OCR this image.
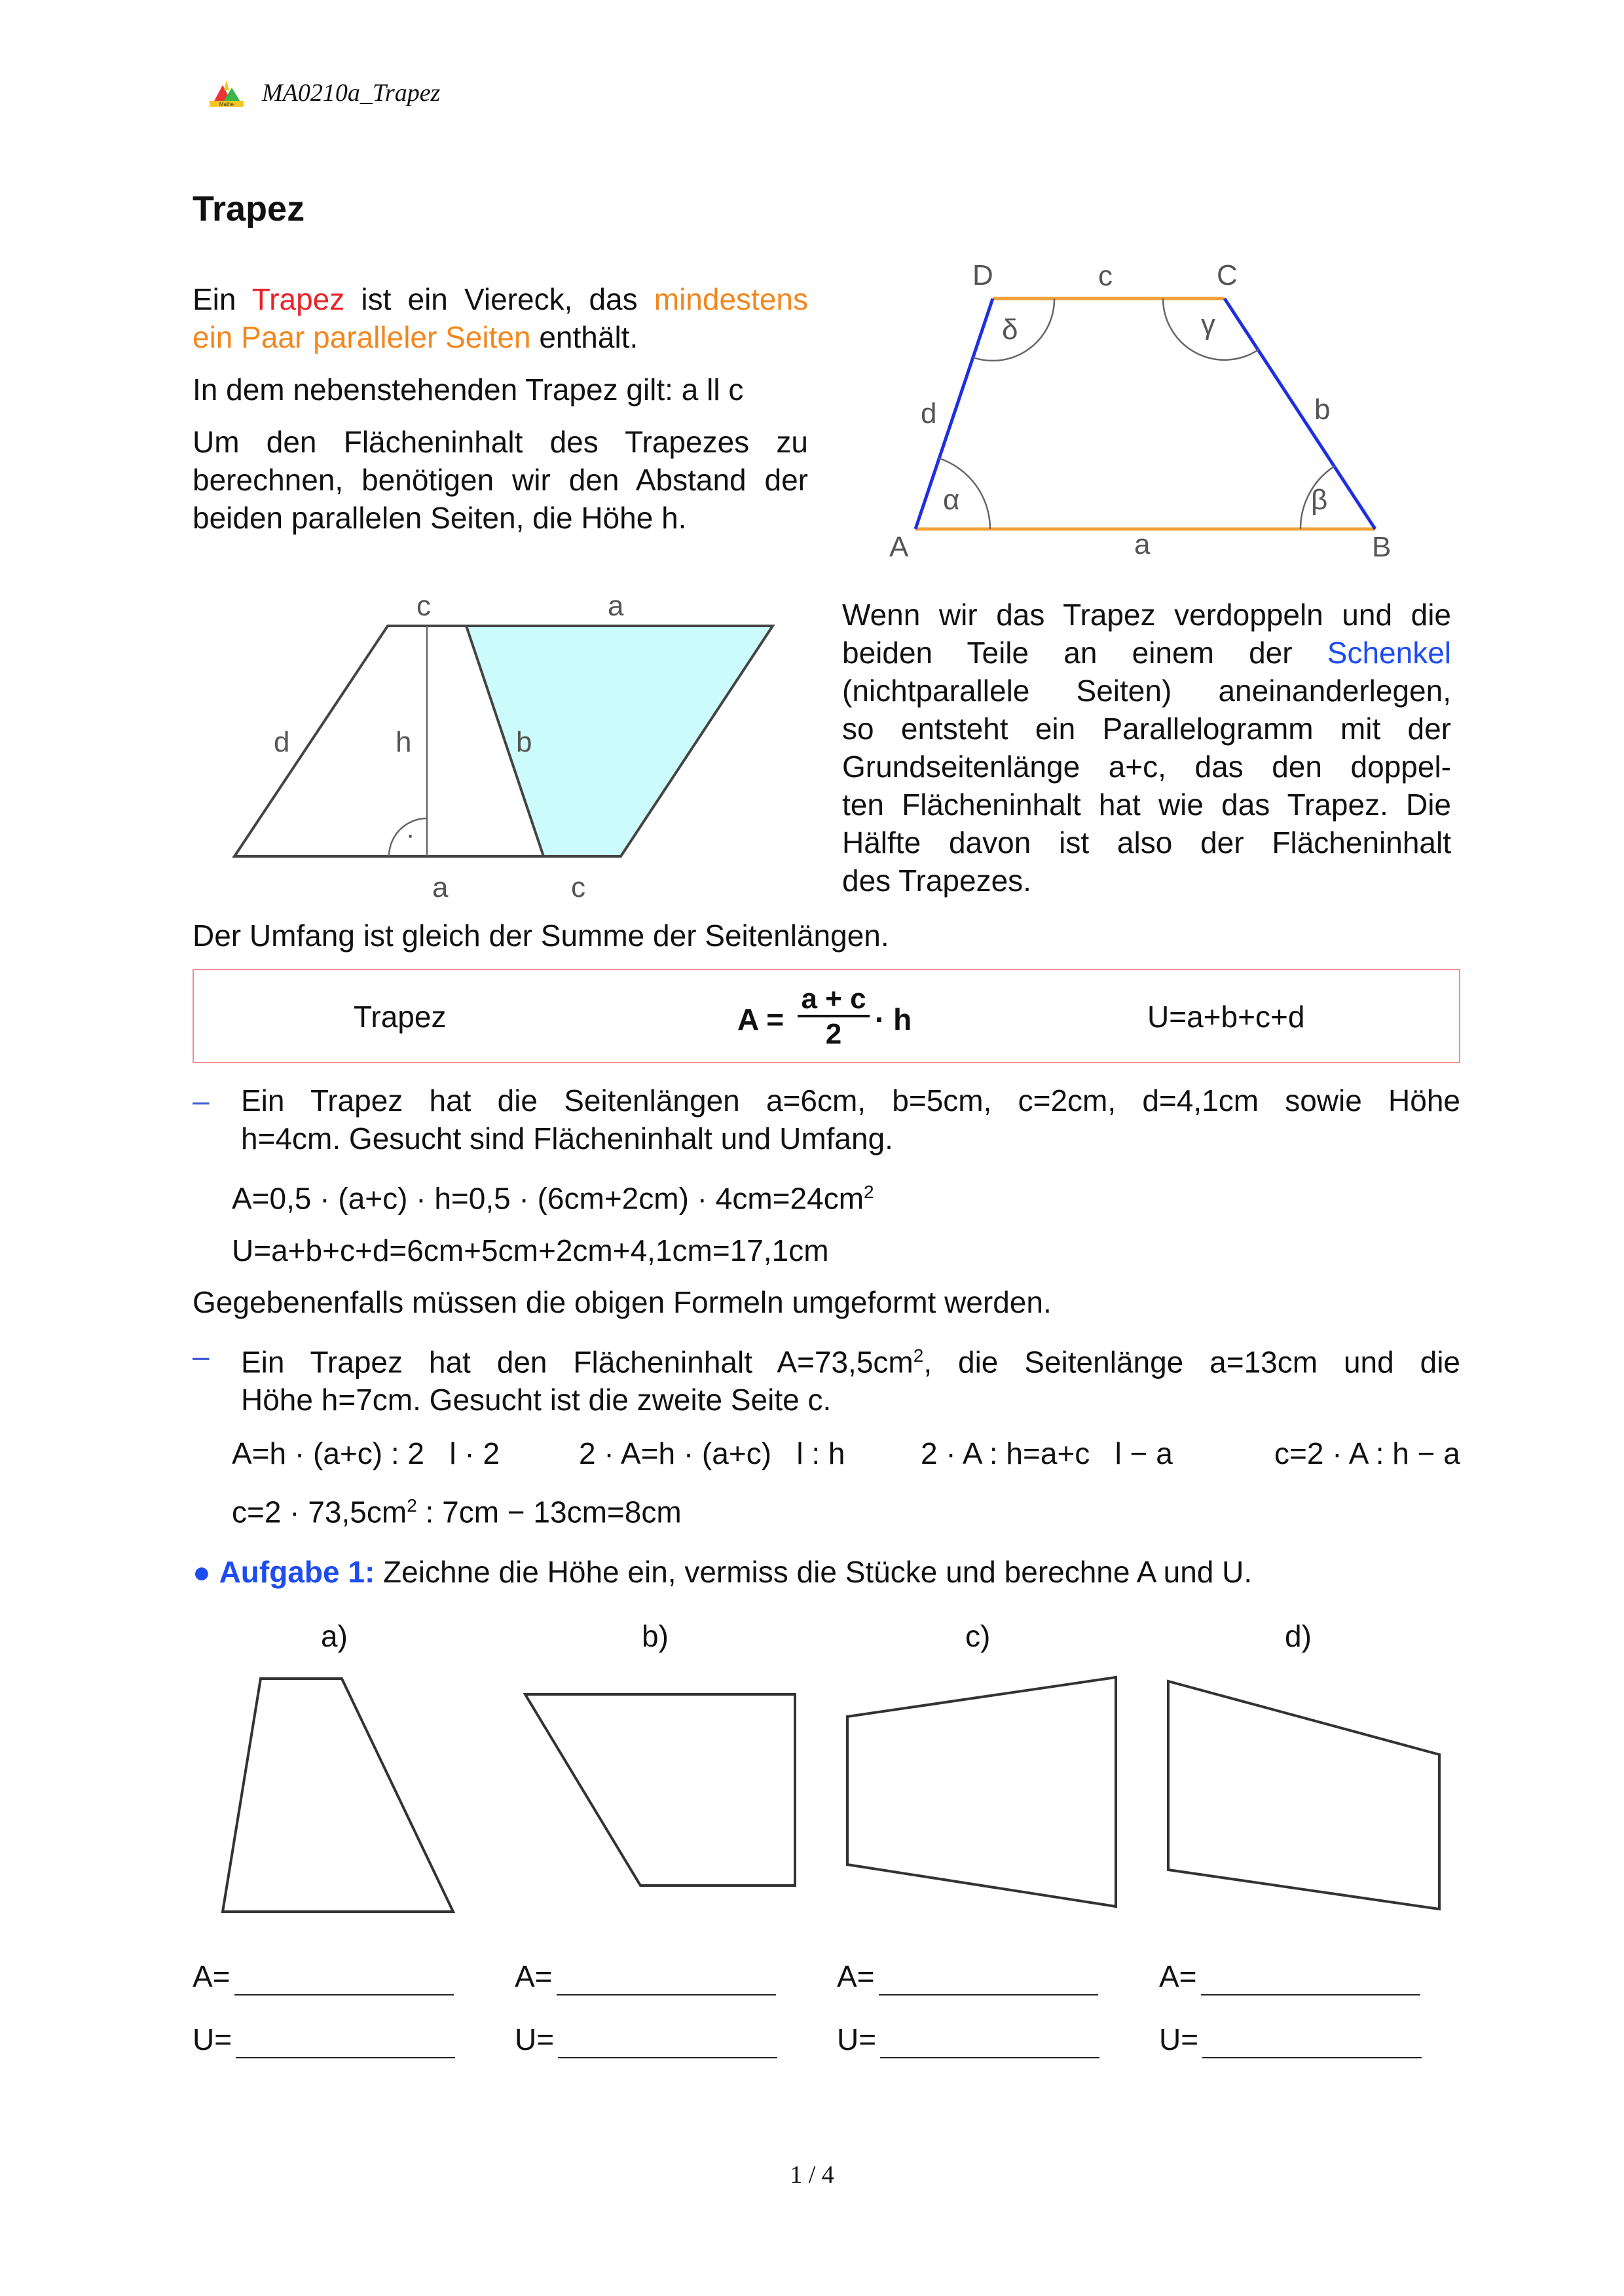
Mathe MA0210a_Trapez
Trapez
Ein Trapez ist ein Viereck, das mindestens
ein Paar paralleler Seiten enthält.
In dem nebenstehenden Trapez gilt: a ll c
Um den Flächeninhalt des Trapezes zu
berechnen, benötigen wir den Abstand der
beiden parallelen Seiten, die Höhe h.
D	C
A	B
c
a
d	b
α	β
γ
δ
·
c	a
d	h	b
a	c
Wenn wir das Trapez verdoppeln und die
beiden Teile an einem der Schenkel
(nichtparallele Seiten) aneinanderlegen,
so entsteht ein Parallelogramm mit der
Grundseitenlänge a+c, das den doppel-
ten Flächeninhalt hat wie das Trapez. Die
Hälfte davon ist also der Flächeninhalt
des Trapezes.
Der Umfang ist gleich der Summe der Seitenlängen.
Trapez	A =
a + c
2	· h	U=a+b+c+d
– Ein Trapez hat die Seitenlängen a=6cm, b=5cm, c=2cm, d=4,1cm sowie Höhe
h=4cm. Gesucht sind Flächeninhalt und Umfang.
$A=0,5 \cdot (a+c) \cdot h=0,5 \cdot (6cm+2cm) \cdot 4cm=24cm^2$
U=a+b+c+d=6cm+5cm+2cm+4,1cm=17,1cm
Gegebenenfalls müssen die obigen Formeln umgeformt werden.
– Ein Trapez hat den Flächeninhalt $A=73,5cm^2$, die Seitenlänge a=13cm und die
Höhe h=7cm. Gesucht ist die zweite Seite c.
A=h · (a+c) : 2   l · 2	2 · A=h · (a+c)   l : h	2 · A : h=a+c   l − a	c=2 · A : h − a
$c=2 \cdot 73,5cm^2$ : 7cm − 13cm=8cm
● Aufgabe 1: Zeichne die Höhe ein, vermiss die Stücke und berechne A und U.
a)	b)	c)	d)
A=
U=
A=
U=
A=
U=
A=
U=
1 / 4
